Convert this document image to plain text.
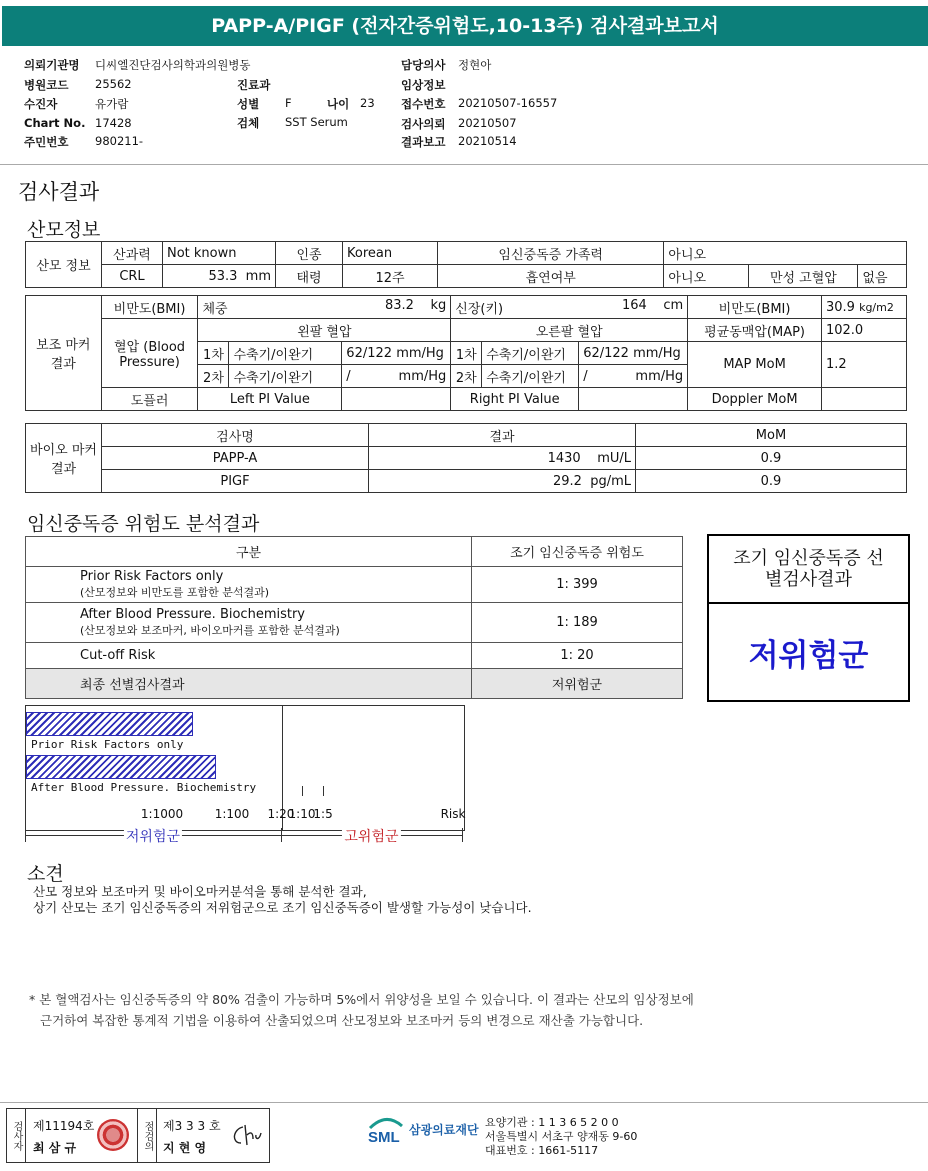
PAPP-A/PIGF (전자간증위험도,10-13주) 검사결과보고서
의뢰기관명 디씨엘진단검사의학과의원병동
병원코드 25562
수진자	유가람
Chart No. 17428
주민번호 980211-
진료과
성별 F	나이 23
검체 SST Serum
담당의사 정현아
임상정보
접수번호 20210507-16557
검사의뢰 20210507
결과보고 20210514
검사결과
산모정보
산모 정보	산과력	Not known	인종	Korean	임신중독증 가족력	아니오		
	CRL	53.3 mm	태령	12주	흡연여부	아니오	만성 고혈압	없음
보조 마커 결과	비만도(BMI)	체중 83.2 kg			신장(키) 164 cm			비만도(BMI)	30.9 kg/m2
	혈압 (Blood Pressure)	왼팔 혈압			오른팔 혈압			평균동맥압(MAP)	102.0
		1차	수축기/이완기	62/122 mm/Hg	1차	수축기/이완기	62/122 mm/Hg	MAP MoM	1.2
		2차	수축기/이완기	/ mm/Hg	2차	수축기/이완기	/ mm/Hg		

	도플러	Left PI Value			Right PI Value			Doppler MoM	
바이오 마커 결과	검사명	결과	MoM
	PAPP-A	1430 mU/L	0.9
	PIGF	29.2 pg/mL	0.9
임신중독증 위험도 분석결과
구분	조기 임신중독증 위험도

Prior Risk Factors only
(산모정보와 비만도를 포함한 분석결과)	1: 399

After Blood Pressure. Biochemistry
(산모정보와 보조마커, 바이오마커를 포함한 분석결과)	1: 189
Cut-off Risk	1: 20
최종 선별검사결과	저위험군
조기 임신중독증 선별검사결과
저위험군
Prior Risk Factors only
After Blood Pressure. Biochemistry
1:1000	1:100 1:20
1:10
1:5	Risk
저위험군	고위험군
소견
산모 정보와 보조마커 및 바이오마커분석을 통해 분석한 결과,
상기 산모는 조기 임신중독증의 저위험군으로 조기 임신중독증이 발생할 가능성이 낮습니다.
* 본 혈액검사는 임신중독증의 약 80% 검출이 가능하며 5%에서 위양성을 보일 수 있습니다. 이 결과는 산모의 임상정보에
근거하여 복잡한 통계적 기법을 이용하여 산출되었으며 산모정보와 보조마커 등의 변경으로 재산출 가능합니다.
검사자 제11194호
최 삼 규	점검의 제3 3 3 호
지 현 영
SML 삼광의료재단 요양기관 : 1 1 3 6 5 2 0 0
서울특별시 서초구 양재동 9-60
대표번호 : 1661-5117
